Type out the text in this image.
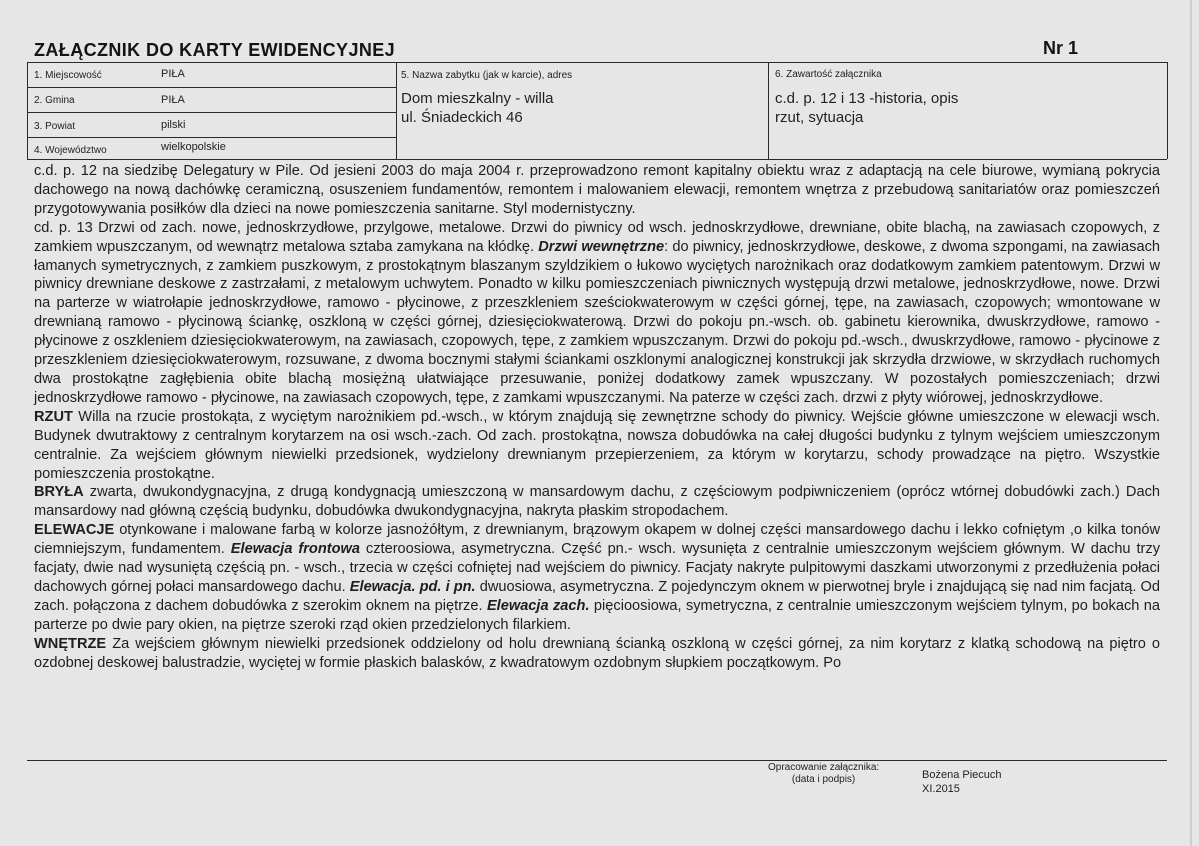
ZAŁĄCZNIK DO KARTY EWIDENCYJNEJ	Nr 1
1. Miejscowość	PIŁA
2. Gmina	PIŁA
3. Powiat	pilski
4. Województwo	wielkopolskie
5. Nazwa zabytku (jak w karcie), adres
Dom mieszkalny - willa
ul. Śniadeckich 46
6. Zawartość załącznika
c.d. p. 12 i 13 -historia, opis
rzut, sytuacja

c.d. p. 12 na siedzibę Delegatury w Pile. Od jesieni 2003 do maja 2004 r. przeprowadzono remont kapitalny obiektu wraz z adaptacją na cele biurowe, wymianą pokrycia dachowego na nową dachówkę ceramiczną, osuszeniem fundamentów, remontem i malowaniem elewacji, remontem wnętrza z przebudową sanitariatów oraz pomieszczeń przygotowywania posiłków dla dzieci na nowe pomieszczenia sanitarne. Styl modernistyczny.

cd. p. 13 Drzwi od zach. nowe, jednoskrzydłowe, przylgowe, metalowe. Drzwi do piwnicy od wsch. jednoskrzydłowe, drewniane, obite blachą, na zawiasach czopowych, z zamkiem wpuszczanym, od wewnątrz metalowa sztaba zamykana na kłódkę. Drzwi wewnętrzne: do piwnicy, jednoskrzydłowe, deskowe, z dwoma szpongami, na zawiasach łamanych symetrycznych, z zamkiem puszkowym, z prostokątnym blaszanym szyldzikiem o łukowo wyciętych narożnikach oraz dodatkowym zamkiem patentowym. Drzwi w piwnicy drewniane deskowe z zastrzałami, z metalowym uchwytem. Ponadto w kilku pomieszczeniach piwnicznych występują drzwi metalowe, jednoskrzydłowe, nowe. Drzwi na parterze w wiatrołapie jednoskrzydłowe, ramowo - płycinowe, z przeszkleniem sześciokwaterowym w części górnej, tępe, na zawiasach, czopowych; wmontowane w drewnianą ramowo - płycinową ściankę, oszkloną w części górnej, dziesięciokwaterową. Drzwi do pokoju pn.-wsch. ob. gabinetu kierownika, dwuskrzydłowe, ramowo - płycinowe z oszkleniem dziesięciokwaterowym, na zawiasach, czopowych, tępe, z zamkiem wpuszczanym. Drzwi do pokoju pd.-wsch., dwuskrzydłowe, ramowo - płycinowe z przeszkleniem dziesięciokwaterowym, rozsuwane, z dwoma bocznymi stałymi ściankami oszklonymi analogicznej konstrukcji jak skrzydła drzwiowe, w skrzydłach ruchomych dwa prostokątne zagłębienia obite blachą mosiężną ułatwiające przesuwanie, poniżej dodatkowy zamek wpuszczany. W pozostałych pomieszczeniach; drzwi jednoskrzydłowe ramowo - płycinowe, na zawiasach czopowych, tępe, z zamkami wpuszczanymi. Na paterze w części zach. drzwi z płyty wiórowej, jednoskrzydłowe.

RZUT Willa na rzucie prostokąta, z wyciętym narożnikiem pd.-wsch., w którym znajdują się zewnętrzne schody do piwnicy. Wejście główne umieszczone w elewacji wsch. Budynek dwutraktowy z centralnym korytarzem na osi wsch.-zach. Od zach. prostokątna, nowsza dobudówka na całej długości budynku z tylnym wejściem umieszczonym centralnie. Za wejściem głównym niewielki przedsionek, wydzielony drewnianym przepierzeniem, za którym w korytarzu, schody prowadzące na piętro. Wszystkie pomieszczenia prostokątne.

BRYŁA zwarta, dwukondygnacyjna, z drugą kondygnacją umieszczoną w mansardowym dachu, z częściowym podpiwniczeniem (oprócz wtórnej dobudówki zach.) Dach mansardowy nad główną częścią budynku, dobudówka dwukondygnacyjna, nakryta płaskim stropodachem.

ELEWACJE otynkowane i malowane farbą w kolorze jasnożółtym, z drewnianym, brązowym okapem w dolnej części mansardowego dachu i lekko cofniętym ,o kilka tonów ciemniejszym, fundamentem. Elewacja frontowa czteroosiowa, asymetryczna. Część pn.- wsch. wysunięta z centralnie umieszczonym wejściem głównym. W dachu trzy facjaty, dwie nad wysuniętą częścią pn. - wsch., trzecia w części cofniętej nad wejściem do piwnicy. Facjaty nakryte pulpitowymi daszkami utworzonymi z przedłużenia połaci dachowych górnej połaci mansardowego dachu. Elewacja. pd. i pn. dwuosiowa, asymetryczna. Z pojedynczym oknem w pierwotnej bryle i znajdującą się nad nim facjatą. Od zach. połączona z dachem dobudówka z szerokim oknem na piętrze. Elewacja zach. pięcioosiowa, symetryczna, z centralnie umieszczonym wejściem tylnym, po bokach na parterze po dwie pary okien, na piętrze szeroki rząd okien przedzielonych filarkiem.

WNĘTRZE Za wejściem głównym niewielki przedsionek oddzielony od holu drewnianą ścianką oszkloną w części górnej, za nim korytarz z klatką schodową na piętro o ozdobnej deskowej balustradzie, wyciętej w formie płaskich balasków, z kwadratowym ozdobnym słupkiem początkowym. Po

Opracowanie załącznika:
(data i podpis)	Bożena Piecuch
XI.2015
